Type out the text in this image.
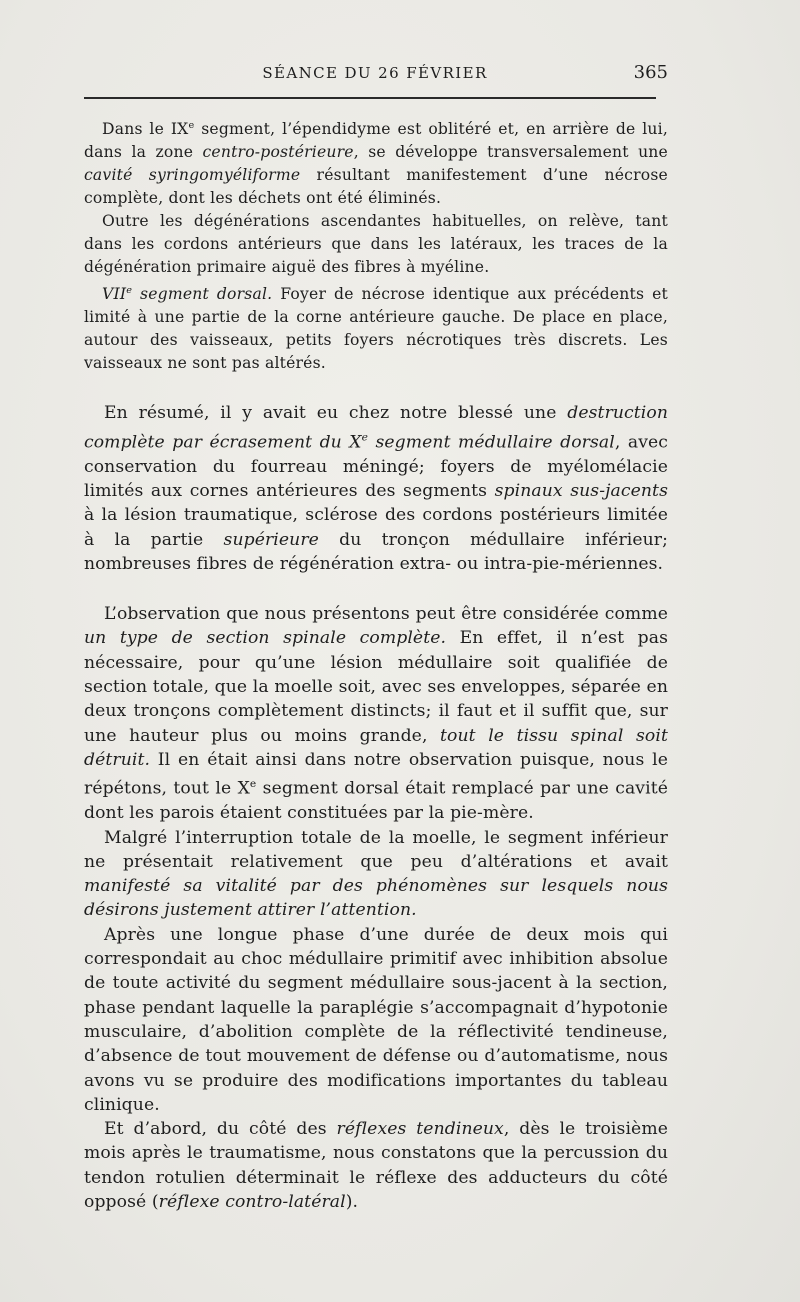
SÉANCE DU 26 FÉVRIER	365

Dans le IXe segment, l’épendidyme est oblitéré et, en arrière de lui, dans la zone centro-postérieure, se développe transversalement une cavité syringomyéliforme résultant manifestement d’une nécrose complète, dont les déchets ont été éliminés.

Outre les dégénérations ascendantes habituelles, on relève, tant dans les cordons antérieurs que dans les latéraux, les traces de la dégénération primaire aiguë des fibres à myéline.

VIIe segment dorsal. Foyer de nécrose identique aux précédents et limité à une partie de la corne antérieure gauche. De place en place, autour des vaisseaux, petits foyers nécrotiques très discrets. Les vaisseaux ne sont pas altérés.

En résumé, il y avait eu chez notre blessé une destruction complète par écrasement du Xe segment médullaire dorsal, avec conservation du fourreau méningé; foyers de myélomélacie limités aux cornes antérieures des segments spinaux sus-jacents à la lésion traumatique, sclérose des cordons postérieurs limitée à la partie supérieure du tronçon médullaire inférieur; nombreuses fibres de régénération extra- ou intra-pie-mériennes.

L’observation que nous présentons peut être considérée comme un type de section spinale complète. En effet, il n’est pas nécessaire, pour qu’une lésion médullaire soit qualifiée de section totale, que la moelle soit, avec ses enveloppes, séparée en deux tronçons complètement distincts; il faut et il suffit que, sur une hauteur plus ou moins grande, tout le tissu spinal soit détruit. Il en était ainsi dans notre observation puisque, nous le répétons, tout le Xe segment dorsal était remplacé par une cavité dont les parois étaient constituées par la pie-mère.

Malgré l’interruption totale de la moelle, le segment inférieur ne présentait relativement que peu d’altérations et avait manifesté sa vitalité par des phénomènes sur lesquels nous désirons justement attirer l’attention.

Après une longue phase d’une durée de deux mois qui correspondait au choc médullaire primitif avec inhibition absolue de toute activité du segment médullaire sous-jacent à la section, phase pendant laquelle la paraplégie s’accompagnait d’hypotonie musculaire, d’abolition complète de la réflectivité tendineuse, d’absence de tout mouvement de défense ou d’automatisme, nous avons vu se produire des modifications importantes du tableau clinique.

Et d’abord, du côté des réflexes tendineux, dès le troisième mois après le traumatisme, nous constatons que la percussion du tendon rotulien déterminait le réflexe des adducteurs du côté opposé (réflexe contro-latéral).
